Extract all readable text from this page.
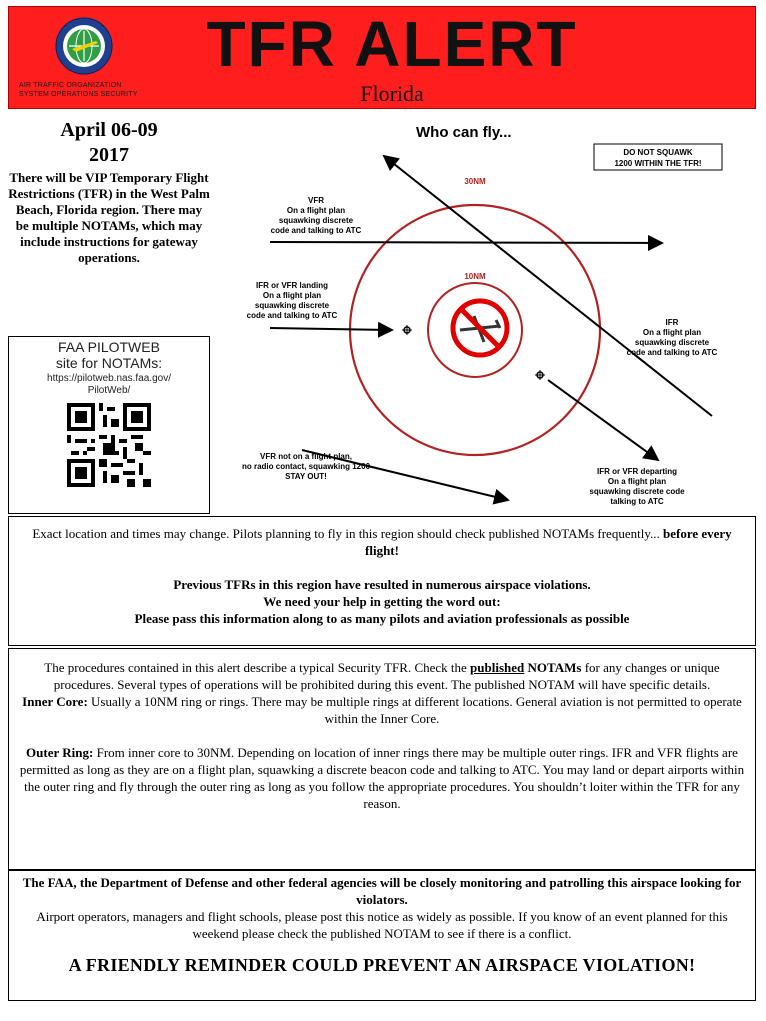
AIR TRAFFIC ORGANIZATION
SYSTEM OPERATIONS SECURITY
TFR ALERT
Florida
April 06-09
2017
There will be VIP Temporary Flight Restrictions (TFR) in the West Palm Beach, Florida region. There may be multiple NOTAMs, which may include instructions for gateway operations.
FAA PILOTWEB
site for NOTAMs:
https://pilotweb.nas.faa.gov/
PilotWeb/
Who can fly...
DO NOT SQUAWK
1200 WITHIN THE TFR!
30NM
10NM
VFR
On a flight plan
squawking discrete
code and talking to ATC
IFR or VFR landing
On a flight plan
squawking discrete
code and talking to ATC
IFR
On a flight plan
squawking discrete
code and talking to ATC
VFR not on a flight plan,
no radio contact, squawking 1200
STAY OUT!
IFR or VFR departing
On a flight plan
squawking discrete code
talking to ATC
Exact location and times may change. Pilots planning to fly in this region should check published NOTAMs frequently... before every flight!
Previous TFRs in this region have resulted in numerous airspace violations.
We need your help in getting the word out:
Please pass this information along to as many pilots and aviation professionals as possible
The procedures contained in this alert describe a typical Security TFR. Check the published NOTAMs for any changes or unique procedures. Several types of operations will be prohibited during this event. The published NOTAM will have specific details.
Inner Core: Usually a 10NM ring or rings. There may be multiple rings at different locations. General aviation is not permitted to operate within the Inner Core.
Outer Ring: From inner core to 30NM. Depending on location of inner rings there may be multiple outer rings. IFR and VFR flights are permitted as long as they are on a flight plan, squawking a discrete beacon code and talking to ATC. You may land or depart airports within the outer ring and fly through the outer ring as long as you follow the appropriate procedures. You shouldn’t loiter within the TFR for any reason.
The FAA, the Department of Defense and other federal agencies will be closely monitoring and patrolling this airspace looking for violators.
Airport operators, managers and flight schools, please post this notice as widely as possible. If you know of an event planned for this weekend please check the published NOTAM to see if there is a conflict.
A FRIENDLY REMINDER COULD PREVENT AN AIRSPACE VIOLATION!
